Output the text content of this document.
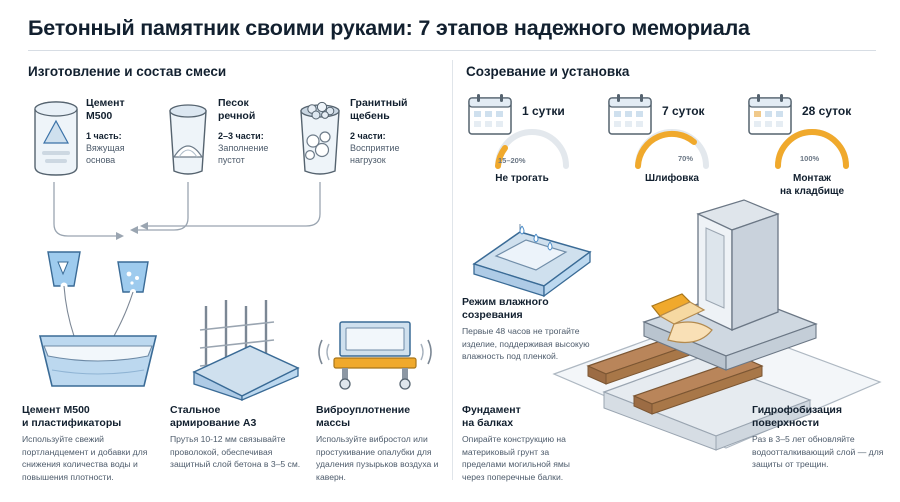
Бетонный памятник своими руками: 7 этапов надежного мемориала
Изготовление и состав смеси	Созревание и установка
Цемент
M500
1 часть:
Вяжущая
основа
Песок
речной
2–3 части:
Заполнение
пустот
Гранитный
щебень
2 части:
Восприятие
нагрузок
Цемент M500
и пластификаторы
Используйте свежий портландцемент и добавки для снижения количества воды и повышения плотности.
Стальное
армирование А3
Прутья 10-12 мм связывайте проволокой, обеспечивая защитный слой бетона в 3–5 см.
Виброуплотнение
массы
Используйте вибростол или простукивание опалубки для удаления пузырьков воздуха и каверн.
1 сутки
15–20%
Не трогать
7 суток
70%
Шлифовка
28 суток
100%
Монтаж
на кладбище
Режим влажного
созревания
Первые 48 часов не трогайте изделие, поддерживая высокую влажность под пленкой.
Фундамент
на балках
Опирайте конструкцию на материковый грунт за пределами могильной ямы через поперечные балки.
Гидрофобизация
поверхности
Раз в 3–5 лет обновляйте водоотталкивающий слой — для защиты от трещин.
